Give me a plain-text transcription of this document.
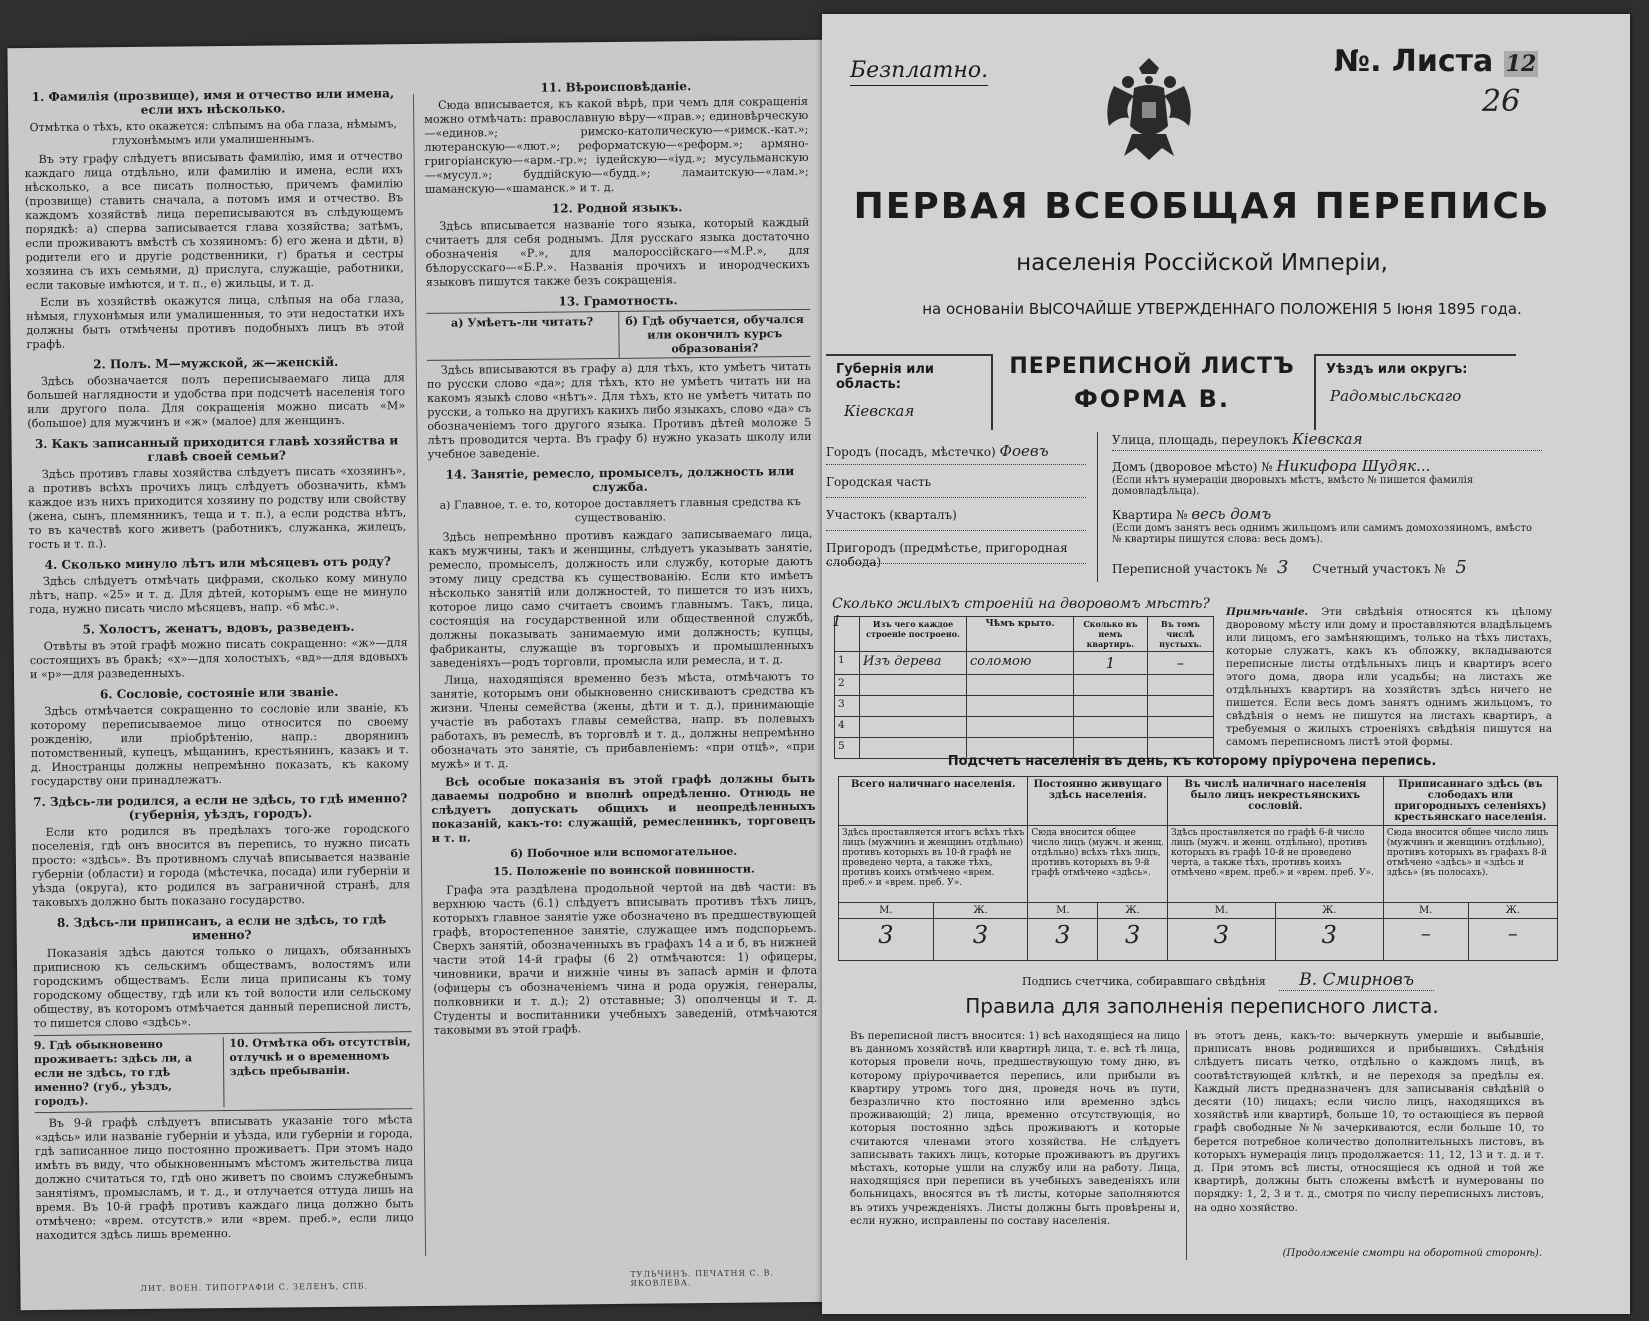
1. Фамилія (прозвище), имя и отчество или имена, если ихъ нѣсколько.
Отмѣтка о тѣхъ, кто окажется: слѣпымъ на оба глаза, нѣмымъ, глухонѣмымъ или умалишеннымъ.

Въ эту графу слѣдуетъ вписывать фамилію, имя и отчество каждаго лица отдѣльно, или фамилію и имена, если ихъ нѣсколько, а все писать полностью, причемъ фамилію (прозвище) ставить сначала, а потомъ имя и отчество. Въ каждомъ хозяйствѣ лица переписываются въ слѣдующемъ порядкѣ: а) сперва записывается глава хозяйства; затѣмъ, если проживаютъ вмѣстѣ съ хозяиномъ: б) его жена и дѣти, в) родители его и другіе родственники, г) братья и сестры хозяина съ ихъ семьями, д) прислуга, служащіе, работники, если таковые имѣются, и т. п., е) жильцы, и т. д.

Если въ хозяйствѣ окажутся лица, слѣпыя на оба глаза, нѣмыя, глухонѣмыя или умалишенныя, то эти недостатки ихъ должны быть отмѣчены противъ подобныхъ лицъ въ этой графѣ.

2. Полъ. М—мужской, ж—женскій.

Здѣсь обозначается полъ переписываемаго лица для большей наглядности и удобства при подсчетѣ населенія того или другого пола. Для сокращенія можно писать «М» (большое) для мужчинъ и «ж» (малое) для женщинъ.

3. Какъ записанный приходится главѣ хозяйства и главѣ своей семьи?

Здѣсь противъ главы хозяйства слѣдуетъ писать «хозяинъ», а противъ всѣхъ прочихъ лицъ слѣдуетъ обозначить, кѣмъ каждое изъ нихъ приходится хозяину по родству или свойству (жена, сынъ, племянникъ, теща и т. п.), а если родства нѣтъ, то въ качествѣ кого живетъ (работникъ, служанка, жилецъ, гость и т. п.).

4. Сколько минуло лѣтъ или мѣсяцевъ отъ роду?

Здѣсь слѣдуетъ отмѣчать цифрами, сколько кому минуло лѣтъ, напр. «25» и т. д. Для дѣтей, которымъ еще не минуло года, нужно писать число мѣсяцевъ, напр. «6 мѣс.».

5. Холостъ, женатъ, вдовъ, разведенъ.

Отвѣты въ этой графѣ можно писать сокращенно: «ж»—для состоящихъ въ бракѣ; «х»—для холостыхъ, «вд»—для вдовыхъ и «р»—для разведенныхъ.

6. Сословіе, состояніе или званіе.

Здѣсь отмѣчается сокращенно то сословіе или званіе, къ которому переписываемое лицо относится по своему рожденію, или пріобрѣтенію, напр.: дворянинъ потомственный, купецъ, мѣщанинъ, крестьянинъ, казакъ и т. д. Иностранцы должны непремѣнно показать, къ какому государству они принадлежатъ.

7. Здѣсь-ли родился, а если не здѣсь, то гдѣ именно? (губернія, уѣздъ, городъ).

Если кто родился въ предѣлахъ того-же городского поселенія, гдѣ онъ вносится въ перепись, то нужно писать просто: «здѣсь». Въ противномъ случаѣ вписывается названіе губерніи (области) и города (мѣстечка, посада) или губерніи и уѣзда (округа), кто родился въ заграничной странѣ, для таковыхъ должно быть показано государство.

8. Здѣсь-ли приписанъ, а если не здѣсь, то гдѣ именно?

Показанія здѣсь даются только о лицахъ, обязанныхъ приписною къ сельскимъ обществамъ, волостямъ или городскимъ обществамъ. Если лица приписаны къ тому городскому обществу, гдѣ или къ той волости или сельскому обществу, въ которомъ отмѣчается данный переписной листъ, то пишется слово «здѣсь».

9. Гдѣ обыкновенно проживаетъ: здѣсь ли, а если не здѣсь, то гдѣ именно? (губ., уѣздъ, городъ).
10. Отмѣтка объ отсутствіи, отлучкѣ и о временномъ здѣсь пребываніи.

Въ 9-й графѣ слѣдуетъ вписывать указаніе того мѣста «здѣсь» или названіе губерніи и уѣзда, или губерніи и города, гдѣ записанное лицо постоянно проживаетъ. При этомъ надо имѣть въ виду, что обыкновеннымъ мѣстомъ жительства лица должно считаться то, гдѣ оно живетъ по своимъ служебнымъ занятіямъ, промысламъ, и т. д., и отлучается оттуда лишь на время. Въ 10-й графѣ противъ каждаго лица должно быть отмѣчено: «врем. отсутств.» или «врем. преб.», если лицо находится здѣсь лишь временно.

11. Вѣроисповѣданіе.

Сюда вписывается, къ какой вѣрѣ, при чемъ для сокращенія можно отмѣчать: православную вѣру—«прав.»; единовѣрческую—«единов.»; римско-католическую—«римск.-кат.»; лютеранскую—«лют.»; реформатскую—«реформ.»; армяно-григоріанскую—«арм.-гр.»; іудейскую—«іуд.»; мусульманскую—«мусул.»; буддійскую—«будд.»; ламаитскую—«лам.»; шаманскую—«шаманск.» и т. д.

12. Родной языкъ.

Здѣсь вписывается названіе того языка, который каждый считаетъ для себя роднымъ. Для русскаго языка достаточно обозначенія «Р.», для малороссійскаго—«М.Р.», для бѣлорусскаго—«Б.Р.». Названія прочихъ и инородческихъ языковъ пишутся также безъ сокращенія.

13. Грамотность.
а) Умѣетъ-ли читать?	б) Гдѣ обучается, обучался или окончилъ курсъ образованія?

Здѣсь вписываются въ графу а) для тѣхъ, кто умѣетъ читать по русски слово «да»; для тѣхъ, кто не умѣетъ читать ни на какомъ языкѣ слово «нѣтъ». Для тѣхъ, кто не умѣетъ читать по русски, а только на другихъ какихъ либо языкахъ, слово «да» съ обозначеніемъ того другого языка. Противъ дѣтей моложе 5 лѣтъ проводится черта. Въ графу б) нужно указать школу или учебное заведеніе.

14. Занятіе, ремесло, промыселъ, должность или служба.
а) Главное, т. е. то, которое доставляетъ главныя средства къ существованію.

Здѣсь непремѣнно противъ каждаго записываемаго лица, какъ мужчины, такъ и женщины, слѣдуетъ указывать занятіе, ремесло, промыселъ, должность или службу, которые даютъ этому лицу средства къ существованію. Если кто имѣетъ нѣсколько занятій или должностей, то пишется то изъ нихъ, которое лицо само считаетъ своимъ главнымъ. Такъ, лица, состоящія на государственной или общественной службѣ, должны показывать занимаемую ими должность; купцы, фабриканты, служащіе въ торговыхъ и промышленныхъ заведеніяхъ—родъ торговли, промысла или ремесла, и т. д.

Лица, находящіяся временно безъ мѣста, отмѣчаютъ то занятіе, которымъ они обыкновенно снискиваютъ средства къ жизни. Члены семейства (жены, дѣти и т. д.), принимающіе участіе въ работахъ главы семейства, напр. въ полевыхъ работахъ, въ ремеслѣ, въ торговлѣ и т. д., должны непремѣнно обозначать это занятіе, съ прибавленіемъ: «при отцѣ», «при мужѣ» и т. д.

Всѣ особые показанія въ этой графѣ должны быть даваемы подробно и вполнѣ опредѣленно. Отнюдь не слѣдуетъ допускать общихъ и неопредѣленныхъ показаній, какъ-то: служащій, ремесленникъ, торговецъ и т. п.

б) Побочное или вспомогательное.
15. Положеніе по воинской повинности.

Графа эта раздѣлена продольной чертой на двѣ части: въ верхнюю часть (6.1) слѣдуетъ вписывать противъ тѣхъ лицъ, которыхъ главное занятіе уже обозначено въ предшествующей графѣ, второстепенное занятіе, служащее имъ подспорьемъ. Сверхъ занятій, обозначенныхъ въ графахъ 14 а и б, въ нижней части этой 14-й графы (6 2) отмѣчаются: 1) офицеры, чиновники, врачи и нижніе чины въ запасѣ армін и флота (офицеры съ обозначеніемъ чина и рода оружія, генералы, полковники и т. д.); 2) отставные; 3) ополченцы и т. д. Студенты и воспитанники учебныхъ заведеній, отмѣчаются таковыми въ этой графѣ.

ЛИТ. ВОЕН. ТИПОГРАФІИ С. ЗЕЛЕНЪ, СПБ.
ТУЛЬЧИНЪ. ПЕЧАТНЯ С. В. ЯКОВЛЕВА.
Безплатно.	№. Листа 12
26
ПЕРВАЯ ВСЕОБЩАЯ ПЕРЕПИСЬ
населенія Россійской Имперіи,
на основаніи ВЫСОЧАЙШЕ УТВЕРЖДЕННАГО ПОЛОЖЕНІЯ 5 Іюня 1895 года.
Губернія или область:
Кіевская
ПЕРЕПИСНОЙ ЛИСТЪ
ФОРМА В.
Уѣздъ или округъ:
Радомысльскаго
Городъ (посадъ, мѣстечко) Фоевъ
Городская часть
Участокъ (кварталъ)
Пригородъ (предмѣстье, пригородная слобода)
Улица, площадь, переулокъ Кіевская
Домъ (дворовое мѣсто) № Никифора Шудяк...
(Если нѣтъ нумераціи дворовыхъ мѣстъ, вмѣсто № пишется фамилія домовладѣльца).
Квартира № весь домъ
(Если домъ занятъ весь однимъ жильцомъ или самимъ домохозяиномъ, вмѣсто № квартиры пишутся слова: весь домъ).
Переписной участокъ № 3 Счетный участокъ № 5
Сколько жилыхъ строеній на дворовомъ мѣстѣ? 1
		Изъ чего каждое строеніе построено.	Чѣмъ крыто.	Сколько въ немъ квартиръ.	Въ томъ числѣ пустыхъ.
1	Изъ дерева	соломою	1	–
2				
3				
4				
5				
Примѣчаніе. Эти свѣдѣнія относятся къ цѣлому дворовому мѣсту или дому и проставляются владѣльцемъ или лицомъ, его замѣняющимъ, только на тѣхъ листахъ, которые служатъ, какъ къ обложку, вкладываются переписные листы отдѣльныхъ лицъ и квартиръ всего этого дома, двора или усадьбы; на листахъ же отдѣльныхъ квартиръ на хозяйствъ здѣсь ничего не пишется. Если весь домъ занятъ однимъ жильцомъ, то свѣдѣнія о немъ не пишутся на листахъ квартиръ, а требуемыя о жилыхъ строеніяхъ свѣдѣнія пишутся на самомъ переписномъ листѣ этой формы.
Подсчетъ населенія въ день, къ которому пріурочена перепись.
Всего наличнаго населенія.		Постоянно живущаго здѣсь населенія.		Въ числѣ наличнаго населенія было лицъ некрестьянскихъ сословій.		Приписаннаго здѣсь (въ слободахъ или пригородныхъ селеніяхъ) крестьянскаго населенія.	
Здѣсь проставляется итогъ всѣхъ тѣхъ лицъ (мужчинъ и женщинъ отдѣльно) противъ которыхъ въ 10-й графѣ не проведено черта, а также тѣхъ, противъ коихъ отмѣчено «врем. преб.» и «врем. преб. У».		Сюда вносится общее число лицъ (мужч. и женщ. отдѣльно) всѣхъ тѣхъ лицъ, противъ которыхъ въ 9-й графѣ отмѣчено «здѣсь».		Здѣсь проставляется по графѣ 6-й число лицъ (мужч. и женщ. отдѣльно), противъ которыхъ въ графѣ 10-й не проведено черта, а также тѣхъ, противъ коихъ отмѣчено «врем. преб.» и «врем. преб. У».		Сюда вносится общее число лицъ (мужчинъ и женщинъ отдѣльно), противъ которыхъ въ графахъ 8-й отмѣчено «здѣсь» и «здѣсь и здѣсь» (въ полосахъ).	
М.	Ж.	М.	Ж.	М.	Ж.	М.	Ж.
3	3	3	3	3	3	–	–
Подпись счетчика, собиравшаго свѣдѣнія В. Смирновъ
Правила для заполненія переписного листа.
Въ переписной листъ вносится: 1) всѣ находящіеся на лицо въ данномъ хозяйствѣ или квартирѣ лица, т. е. всѣ тѣ лица, которыя провели ночь, предшествующую тому дню, въ которому пріурочивается перепись, или прибыли въ квартиру утромъ того дня, проведя ночь въ пути, безразлично кто постоянно или временно здѣсь проживающій; 2) лица, временно отсутствующія, но которыя постоянно здѣсь проживаютъ и которые считаются членами этого хозяйства. Не слѣдуетъ записывать такихъ лицъ, которые проживаютъ въ другихъ мѣстахъ, которые ушли на службу или на работу. Лица, находящіяся при переписи въ учебныхъ заведеніяхъ или больницахъ, вносятся въ тѣ листы, которые заполняются въ этихъ учрежденіяхъ. Листы должны быть провѣрены и, если нужно, исправлены по составу населенія.
въ этотъ день, какъ-то: вычеркнуть умершіе и выбывшіе, приписать вновь родившихся и прибывшихъ. Свѣдѣнія слѣдуетъ писать четко, отдѣльно о каждомъ лицѣ, въ соотвѣтствующей клѣткѣ, и не переходя за предѣлы ея. Каждый листъ предназначенъ для записыванія свѣдѣній о десяти (10) лицахъ; если число лицъ, находящихся въ хозяйствѣ или квартирѣ, больше 10, то остающіеся въ первой графѣ свободные №№ зачеркиваются, если больше 10, то берется потребное количество дополнительныхъ листовъ, въ которыхъ нумерація лицъ продолжается: 11, 12, 13 и т. д. и т. д. При этомъ всѣ листы, относящіеся къ одной и той же квартирѣ, должны быть сложены вмѣстѣ и нумерованы по порядку: 1, 2, 3 и т. д., смотря по числу переписныхъ листовъ, на одно хозяйство.
(Продолженіе смотри на оборотной сторонѣ).
